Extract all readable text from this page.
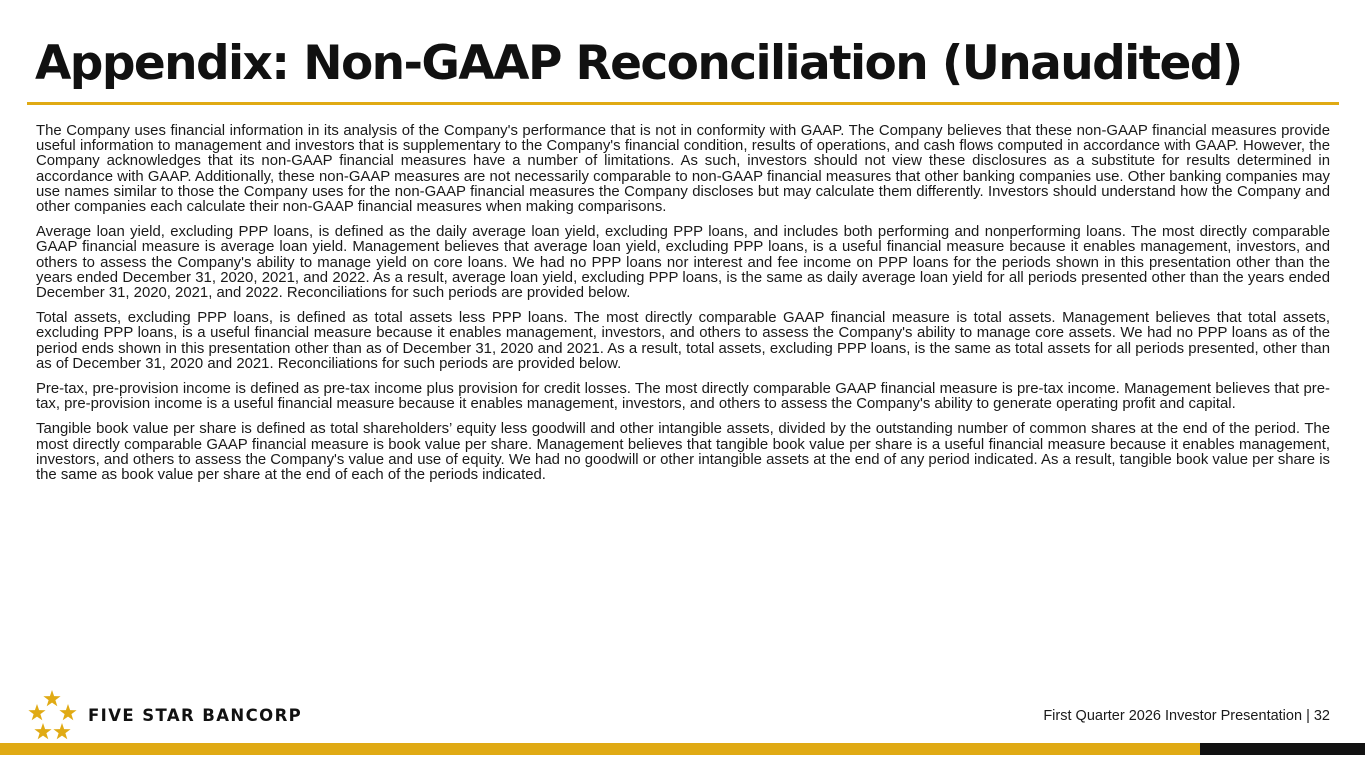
Appendix: Non-GAAP Reconciliation (Unaudited)

The Company uses financial information in its analysis of the Company's performance that is not in conformity with GAAP. The Company believes that these non-GAAP financial measures provide useful information to management and investors that is supplementary to the Company's financial condition, results of operations, and cash flows computed in accordance with GAAP. However, the Company acknowledges that its non-GAAP financial measures have a number of limitations. As such, investors should not view these disclosures as a substitute for results determined in accordance with GAAP. Additionally, these non-GAAP measures are not necessarily comparable to non-GAAP financial measures that other banking companies use. Other banking companies may use names similar to those the Company uses for the non-GAAP financial measures the Company discloses but may calculate them differently. Investors should understand how the Company and other companies each calculate their non-GAAP financial measures when making comparisons.

Average loan yield, excluding PPP loans, is defined as the daily average loan yield, excluding PPP loans, and includes both performing and nonperforming loans. The most directly comparable GAAP financial measure is average loan yield. Management believes that average loan yield, excluding PPP loans, is a useful financial measure because it enables management, investors, and others to assess the Company's ability to manage yield on core loans. We had no PPP loans nor interest and fee income on PPP loans for the periods shown in this presentation other than the years ended December 31, 2020, 2021, and 2022. As a result, average loan yield, excluding PPP loans, is the same as daily average loan yield for all periods presented other than the years ended December 31, 2020, 2021, and 2022. Reconciliations for such periods are provided below.

Total assets, excluding PPP loans, is defined as total assets less PPP loans. The most directly comparable GAAP financial measure is total assets. Management believes that total assets, excluding PPP loans, is a useful financial measure because it enables management, investors, and others to assess the Company's ability to manage core assets. We had no PPP loans as of the period ends shown in this presentation other than as of December 31, 2020 and 2021. As a result, total assets, excluding PPP loans, is the same as total assets for all periods presented, other than as of December 31, 2020 and 2021. Reconciliations for such periods are provided below.

Pre-tax, pre-provision income is defined as pre-tax income plus provision for credit losses. The most directly comparable GAAP financial measure is pre-tax income. Management believes that pre-tax, pre-provision income is a useful financial measure because it enables management, investors, and others to assess the Company's ability to generate operating profit and capital.

Tangible book value per share is defined as total shareholders’ equity less goodwill and other intangible assets, divided by the outstanding number of common shares at the end of the period. The most directly comparable GAAP financial measure is book value per share. Management believes that tangible book value per share is a useful financial measure because it enables management, investors, and others to assess the Company's value and use of equity. We had no goodwill or other intangible assets at the end of any period indicated. As a result, tangible book value per share is the same as book value per share at the end of each of the periods indicated.

FIVE STAR BANCORP	First Quarter 2026 Investor Presentation | 32
